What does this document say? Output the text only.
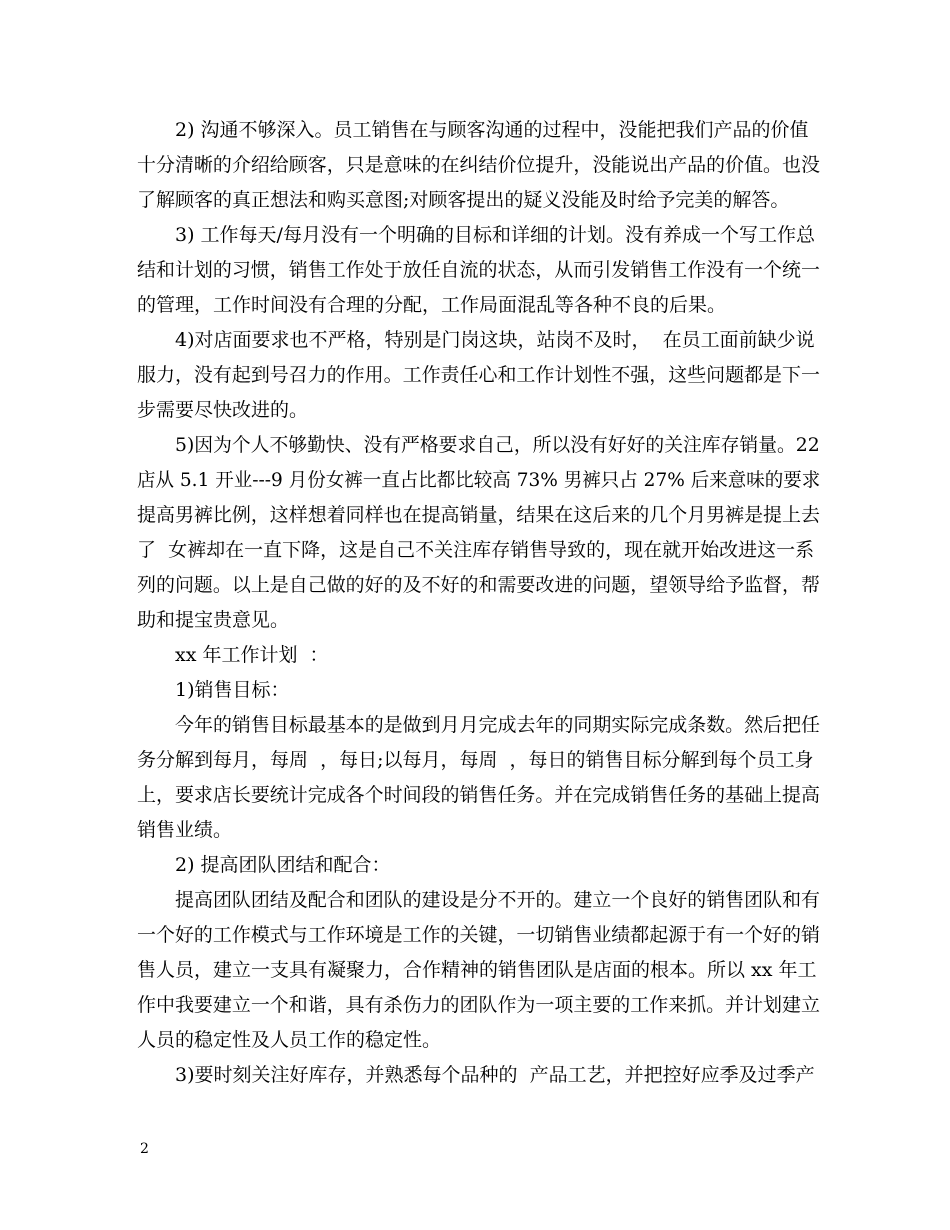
2) 沟通不够深入。员工销售在与顾客沟通的过程中，没能把我们产品的价值
十分清晰的介绍给顾客，只是意味的在纠结价位提升，没能说出产品的价值。也没
了解顾客的真正想法和购买意图;对顾客提出的疑义没能及时给予完美的解答。
3) 工作每天/每月没有一个明确的目标和详细的计划。没有养成一个写工作总
结和计划的习惯，销售工作处于放任自流的状态，从而引发销售工作没有一个统一
的管理，工作时间没有合理的分配，工作局面混乱等各种不良的后果。
4)对店面要求也不严格，特别是门岗这块，站岗不及时，  在员工面前缺少说
服力，没有起到号召力的作用。工作责任心和工作计划性不强，这些问题都是下一
步需要尽快改进的。
5)因为个人不够勤快、没有严格要求自己，所以没有好好的关注库存销量。22
店从 5.1 开业---9 月份女裤一直占比都比较高 73% 男裤只占 27% 后来意味的要求
提高男裤比例，这样想着同样也在提高销量，结果在这后来的几个月男裤是提上去
了  女裤却在一直下降，这是自己不关注库存销售导致的，现在就开始改进这一系
列的问题。以上是自己做的好的及不好的和需要改进的问题，望领导给予监督，帮
助和提宝贵意见。
xx 年工作计划  ：
1)销售目标：
今年的销售目标最基本的是做到月月完成去年的同期实际完成条数。然后把任
务分解到每月，每周  ，每日;以每月，每周  ，每日的销售目标分解到每个员工身
上，要求店长要统计完成各个时间段的销售任务。并在完成销售任务的基础上提高
销售业绩。
2) 提高团队团结和配合：
提高团队团结及配合和团队的建设是分不开的。建立一个良好的销售团队和有
一个好的工作模式与工作环境是工作的关键，一切销售业绩都起源于有一个好的销
售人员，建立一支具有凝聚力，合作精神的销售团队是店面的根本。所以 xx 年工
作中我要建立一个和谐，具有杀伤力的团队作为一项主要的工作来抓。并计划建立
人员的稳定性及人员工作的稳定性。
3)要时刻关注好库存，并熟悉每个品种的  产品工艺，并把控好应季及过季产
2
